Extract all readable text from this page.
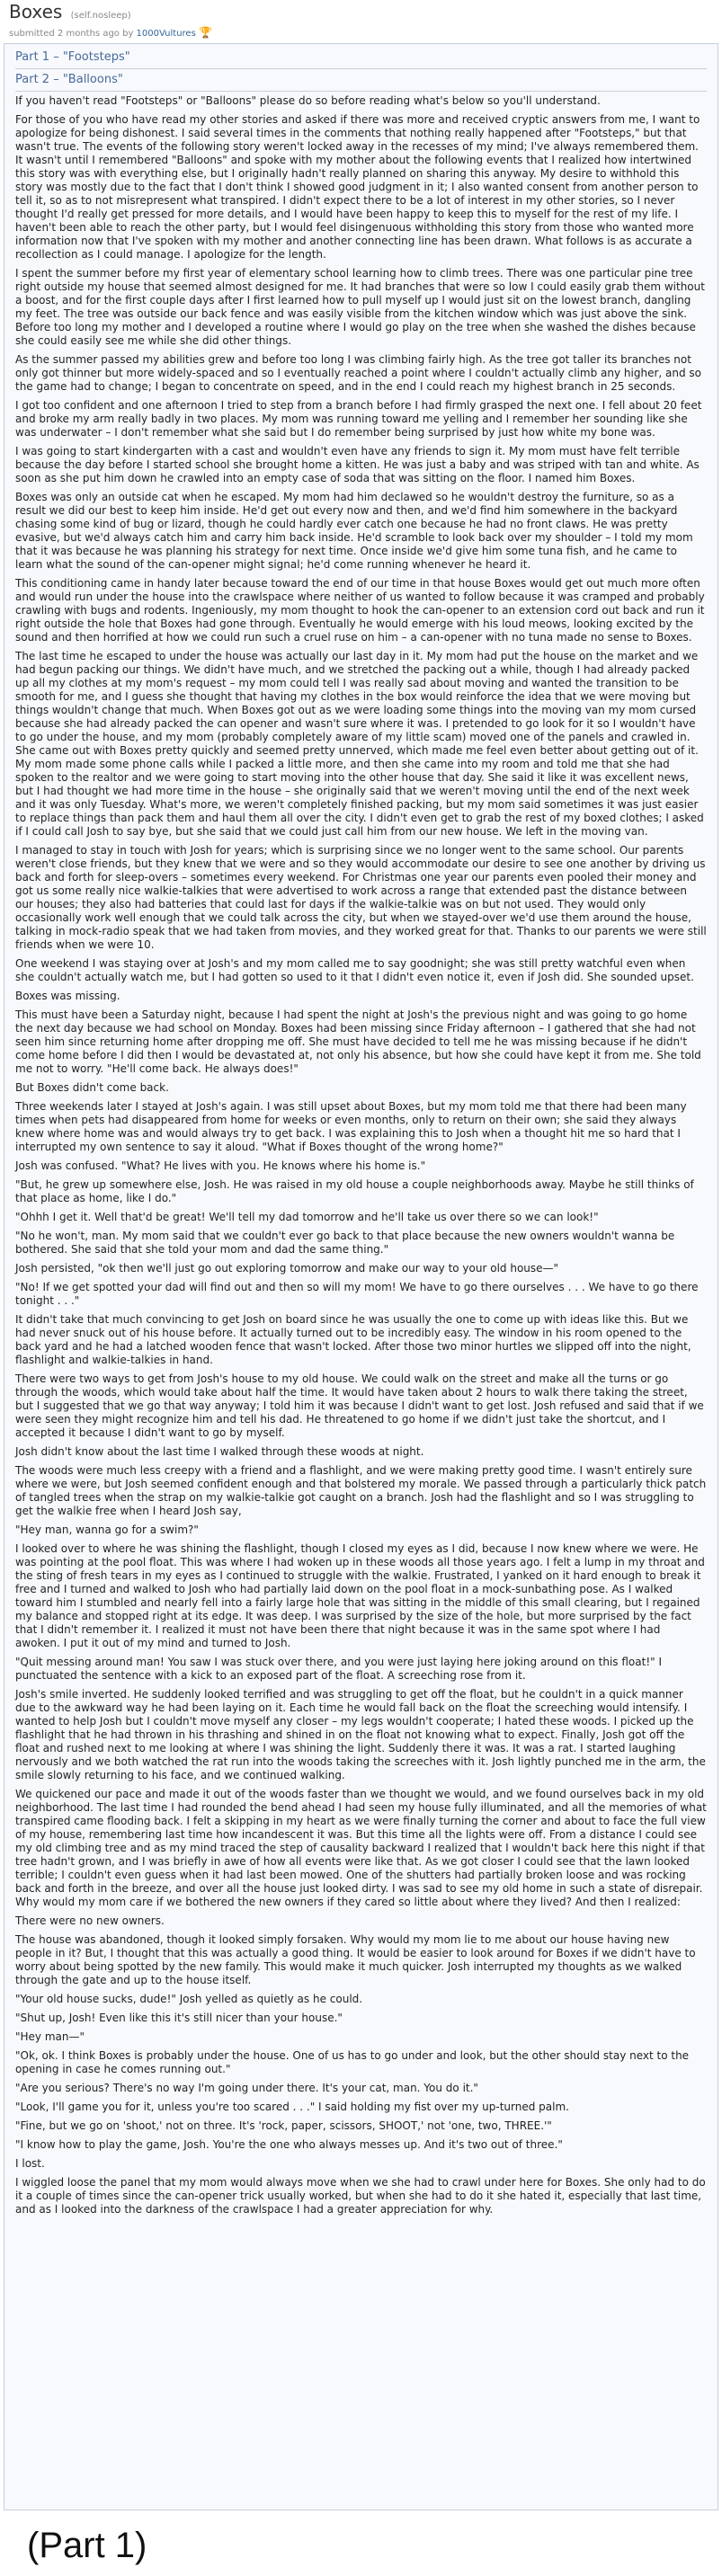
Boxes (self.nosleep)
submitted 2 months ago by 1000Vultures 🏆
Part 1 – "Footsteps"
Part 2 – "Balloons"

If you haven't read "Footsteps" or "Balloons" please do so before reading what's below so you'll understand.

For those of you who have read my other stories and asked if there was more and received cryptic answers from me, I want to apologize for being dishonest. I said several times in the comments that nothing really happened after "Footsteps," but that wasn't true. The events of the following story weren't locked away in the recesses of my mind; I've always remembered them. It wasn't until I remembered "Balloons" and spoke with my mother about the following events that I realized how intertwined this story was with everything else, but I originally hadn't really planned on sharing this anyway. My desire to withhold this story was mostly due to the fact that I don't think I showed good judgment in it; I also wanted consent from another person to tell it, so as to not misrepresent what transpired. I didn't expect there to be a lot of interest in my other stories, so I never thought I'd really get pressed for more details, and I would have been happy to keep this to myself for the rest of my life. I haven't been able to reach the other party, but I would feel disingenuous withholding this story from those who wanted more information now that I've spoken with my mother and another connecting line has been drawn. What follows is as accurate a recollection as I could manage. I apologize for the length.

I spent the summer before my first year of elementary school learning how to climb trees. There was one particular pine tree right outside my house that seemed almost designed for me. It had branches that were so low I could easily grab them without a boost, and for the first couple days after I first learned how to pull myself up I would just sit on the lowest branch, dangling my feet. The tree was outside our back fence and was easily visible from the kitchen window which was just above the sink. Before too long my mother and I developed a routine where I would go play on the tree when she washed the dishes because she could easily see me while she did other things.

As the summer passed my abilities grew and before too long I was climbing fairly high. As the tree got taller its branches not only got thinner but more widely-spaced and so I eventually reached a point where I couldn't actually climb any higher, and so the game had to change; I began to concentrate on speed, and in the end I could reach my highest branch in 25 seconds.

I got too confident and one afternoon I tried to step from a branch before I had firmly grasped the next one. I fell about 20 feet and broke my arm really badly in two places. My mom was running toward me yelling and I remember her sounding like she was underwater – I don't remember what she said but I do remember being surprised by just how white my bone was.

I was going to start kindergarten with a cast and wouldn't even have any friends to sign it. My mom must have felt terrible because the day before I started school she brought home a kitten. He was just a baby and was striped with tan and white. As soon as she put him down he crawled into an empty case of soda that was sitting on the floor. I named him Boxes.

Boxes was only an outside cat when he escaped. My mom had him declawed so he wouldn't destroy the furniture, so as a result we did our best to keep him inside. He'd get out every now and then, and we'd find him somewhere in the backyard chasing some kind of bug or lizard, though he could hardly ever catch one because he had no front claws. He was pretty evasive, but we'd always catch him and carry him back inside. He'd scramble to look back over my shoulder – I told my mom that it was because he was planning his strategy for next time. Once inside we'd give him some tuna fish, and he came to learn what the sound of the can-opener might signal; he'd come running whenever he heard it.

This conditioning came in handy later because toward the end of our time in that house Boxes would get out much more often and would run under the house into the crawlspace where neither of us wanted to follow because it was cramped and probably crawling with bugs and rodents. Ingeniously, my mom thought to hook the can-opener to an extension cord out back and run it right outside the hole that Boxes had gone through. Eventually he would emerge with his loud meows, looking excited by the sound and then horrified at how we could run such a cruel ruse on him – a can-opener with no tuna made no sense to Boxes.

The last time he escaped to under the house was actually our last day in it. My mom had put the house on the market and we had begun packing our things. We didn't have much, and we stretched the packing out a while, though I had already packed up all my clothes at my mom's request – my mom could tell I was really sad about moving and wanted the transition to be smooth for me, and I guess she thought that having my clothes in the box would reinforce the idea that we were moving but things wouldn't change that much. When Boxes got out as we were loading some things into the moving van my mom cursed because she had already packed the can opener and wasn't sure where it was. I pretended to go look for it so I wouldn't have to go under the house, and my mom (probably completely aware of my little scam) moved one of the panels and crawled in. She came out with Boxes pretty quickly and seemed pretty unnerved, which made me feel even better about getting out of it. My mom made some phone calls while I packed a little more, and then she came into my room and told me that she had spoken to the realtor and we were going to start moving into the other house that day. She said it like it was excellent news, but I had thought we had more time in the house – she originally said that we weren't moving until the end of the next week and it was only Tuesday. What's more, we weren't completely finished packing, but my mom said sometimes it was just easier to replace things than pack them and haul them all over the city. I didn't even get to grab the rest of my boxed clothes; I asked if I could call Josh to say bye, but she said that we could just call him from our new house. We left in the moving van.

I managed to stay in touch with Josh for years; which is surprising since we no longer went to the same school. Our parents weren't close friends, but they knew that we were and so they would accommodate our desire to see one another by driving us back and forth for sleep-overs – sometimes every weekend. For Christmas one year our parents even pooled their money and got us some really nice walkie-talkies that were advertised to work across a range that extended past the distance between our houses; they also had batteries that could last for days if the walkie-talkie was on but not used. They would only occasionally work well enough that we could talk across the city, but when we stayed-over we'd use them around the house, talking in mock-radio speak that we had taken from movies, and they worked great for that. Thanks to our parents we were still friends when we were 10.

One weekend I was staying over at Josh's and my mom called me to say goodnight; she was still pretty watchful even when she couldn't actually watch me, but I had gotten so used to it that I didn't even notice it, even if Josh did. She sounded upset.

Boxes was missing.

This must have been a Saturday night, because I had spent the night at Josh's the previous night and was going to go home the next day because we had school on Monday. Boxes had been missing since Friday afternoon – I gathered that she had not seen him since returning home after dropping me off. She must have decided to tell me he was missing because if he didn't come home before I did then I would be devastated at, not only his absence, but how she could have kept it from me. She told me not to worry. "He'll come back. He always does!"

But Boxes didn't come back.

Three weekends later I stayed at Josh's again. I was still upset about Boxes, but my mom told me that there had been many times when pets had disappeared from home for weeks or even months, only to return on their own; she said they always knew where home was and would always try to get back. I was explaining this to Josh when a thought hit me so hard that I interrupted my own sentence to say it aloud. "What if Boxes thought of the wrong home?"

Josh was confused. "What? He lives with you. He knows where his home is."

"But, he grew up somewhere else, Josh. He was raised in my old house a couple neighborhoods away. Maybe he still thinks of that place as home, like I do."

"Ohhh I get it. Well that'd be great! We'll tell my dad tomorrow and he'll take us over there so we can look!"

"No he won't, man. My mom said that we couldn't ever go back to that place because the new owners wouldn't wanna be bothered. She said that she told your mom and dad the same thing."

Josh persisted, "ok then we'll just go out exploring tomorrow and make our way to your old house—"

"No! If we get spotted your dad will find out and then so will my mom! We have to go there ourselves . . . We have to go there tonight . . ."

It didn't take that much convincing to get Josh on board since he was usually the one to come up with ideas like this. But we had never snuck out of his house before. It actually turned out to be incredibly easy. The window in his room opened to the back yard and he had a latched wooden fence that wasn't locked. After those two minor hurtles we slipped off into the night, flashlight and walkie-talkies in hand.

There were two ways to get from Josh's house to my old house. We could walk on the street and make all the turns or go through the woods, which would take about half the time. It would have taken about 2 hours to walk there taking the street, but I suggested that we go that way anyway; I told him it was because I didn't want to get lost. Josh refused and said that if we were seen they might recognize him and tell his dad. He threatened to go home if we didn't just take the shortcut, and I accepted it because I didn't want to go by myself.

Josh didn't know about the last time I walked through these woods at night.

The woods were much less creepy with a friend and a flashlight, and we were making pretty good time. I wasn't entirely sure where we were, but Josh seemed confident enough and that bolstered my morale. We passed through a particularly thick patch of tangled trees when the strap on my walkie-talkie got caught on a branch. Josh had the flashlight and so I was struggling to get the walkie free when I heard Josh say,

"Hey man, wanna go for a swim?"

I looked over to where he was shining the flashlight, though I closed my eyes as I did, because I now knew where we were. He was pointing at the pool float. This was where I had woken up in these woods all those years ago. I felt a lump in my throat and the sting of fresh tears in my eyes as I continued to struggle with the walkie. Frustrated, I yanked on it hard enough to break it free and I turned and walked to Josh who had partially laid down on the pool float in a mock-sunbathing pose. As I walked toward him I stumbled and nearly fell into a fairly large hole that was sitting in the middle of this small clearing, but I regained my balance and stopped right at its edge. It was deep. I was surprised by the size of the hole, but more surprised by the fact that I didn't remember it. I realized it must not have been there that night because it was in the same spot where I had awoken. I put it out of my mind and turned to Josh.

"Quit messing around man! You saw I was stuck over there, and you were just laying here joking around on this float!" I punctuated the sentence with a kick to an exposed part of the float. A screeching rose from it.

Josh's smile inverted. He suddenly looked terrified and was struggling to get off the float, but he couldn't in a quick manner due to the awkward way he had been laying on it. Each time he would fall back on the float the screeching would intensify. I wanted to help Josh but I couldn't move myself any closer – my legs wouldn't cooperate; I hated these woods. I picked up the flashlight that he had thrown in his thrashing and shined in on the float not knowing what to expect. Finally, Josh got off the float and rushed next to me looking at where I was shining the light. Suddenly there it was. It was a rat. I started laughing nervously and we both watched the rat run into the woods taking the screeches with it. Josh lightly punched me in the arm, the smile slowly returning to his face, and we continued walking.

We quickened our pace and made it out of the woods faster than we thought we would, and we found ourselves back in my old neighborhood. The last time I had rounded the bend ahead I had seen my house fully illuminated, and all the memories of what transpired came flooding back. I felt a skipping in my heart as we were finally turning the corner and about to face the full view of my house, remembering last time how incandescent it was. But this time all the lights were off. From a distance I could see my old climbing tree and as my mind traced the step of causality backward I realized that I wouldn't back here this night if that tree hadn't grown, and I was briefly in awe of how all events were like that. As we got closer I could see that the lawn looked terrible; I couldn't even guess when it had last been mowed. One of the shutters had partially broken loose and was rocking back and forth in the breeze, and over all the house just looked dirty. I was sad to see my old home in such a state of disrepair. Why would my mom care if we bothered the new owners if they cared so little about where they lived? And then I realized:

There were no new owners.

The house was abandoned, though it looked simply forsaken. Why would my mom lie to me about our house having new people in it? But, I thought that this was actually a good thing. It would be easier to look around for Boxes if we didn't have to worry about being spotted by the new family. This would make it much quicker. Josh interrupted my thoughts as we walked through the gate and up to the house itself.

"Your old house sucks, dude!" Josh yelled as quietly as he could.

"Shut up, Josh! Even like this it's still nicer than your house."

"Hey man—"

"Ok, ok. I think Boxes is probably under the house. One of us has to go under and look, but the other should stay next to the opening in case he comes running out."

"Are you serious? There's no way I'm going under there. It's your cat, man. You do it."

"Look, I'll game you for it, unless you're too scared . . ." I said holding my fist over my up-turned palm.

"Fine, but we go on 'shoot,' not on three. It's 'rock, paper, scissors, SHOOT,' not 'one, two, THREE.'"

"I know how to play the game, Josh. You're the one who always messes up. And it's two out of three."

I lost.

I wiggled loose the panel that my mom would always move when we she had to crawl under here for Boxes. She only had to do it a couple of times since the can-opener trick usually worked, but when she had to do it she hated it, especially that last time, and as I looked into the darkness of the crawlspace I had a greater appreciation for why.

(Part 1)
